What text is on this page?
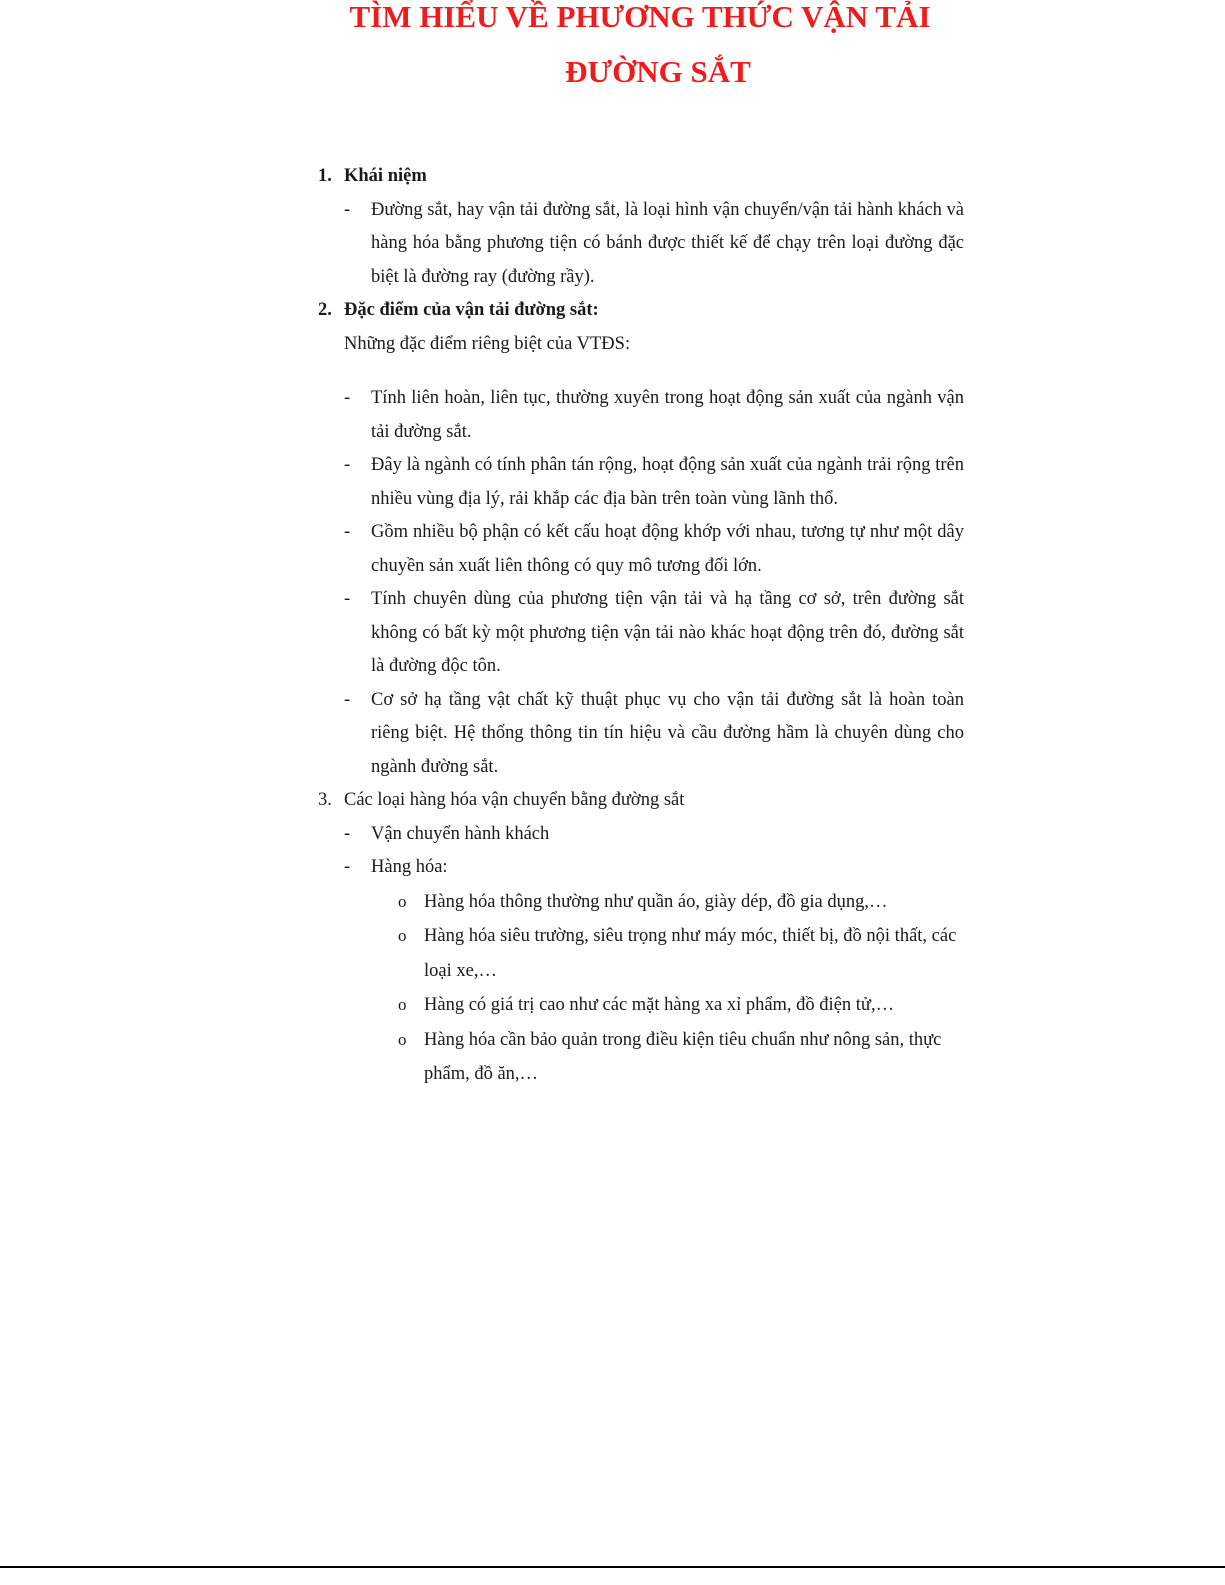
TÌM HIỂU VỀ PHƯƠNG THỨC VẬN TẢI
ĐƯỜNG SẮT

1. Khái niệm

- Đường sắt, hay vận tải đường sắt, là loại hình vận chuyển/vận tải hành khách và hàng hóa bằng phương tiện có bánh được thiết kế để chạy trên loại đường đặc biệt là đường ray (đường rầy).

2. Đặc điểm của vận tải đường sắt:

Những đặc điểm riêng biệt của VTĐS:

- Tính liên hoàn, liên tục, thường xuyên trong hoạt động sản xuất của ngành vận tải đường sắt.

- Đây là ngành có tính phân tán rộng, hoạt động sản xuất của ngành trải rộng trên nhiều vùng địa lý, rải khắp các địa bàn trên toàn vùng lãnh thổ.

- Gồm nhiều bộ phận có kết cấu hoạt động khớp với nhau, tương tự như một dây chuyền sản xuất liên thông có quy mô tương đối lớn.

- Tính chuyên dùng của phương tiện vận tải và hạ tầng cơ sở, trên đường sắt không có bất kỳ một phương tiện vận tải nào khác hoạt động trên đó, đường sắt là đường độc tôn.

- Cơ sở hạ tầng vật chất kỹ thuật phục vụ cho vận tải đường sắt là hoàn toàn riêng biệt. Hệ thống thông tin tín hiệu và cầu đường hầm là chuyên dùng cho ngành đường sắt.

3. Các loại hàng hóa vận chuyển bằng đường sắt

- Vận chuyển hành khách

- Hàng hóa:

o Hàng hóa thông thường như quần áo, giày dép, đồ gia dụng,…

o Hàng hóa siêu trường, siêu trọng như máy móc, thiết bị, đồ nội thất, các loại xe,…

o Hàng có giá trị cao như các mặt hàng xa xỉ phẩm, đồ điện tử,…

o Hàng hóa cần bảo quản trong điều kiện tiêu chuẩn như nông sản, thực phẩm, đồ ăn,…
